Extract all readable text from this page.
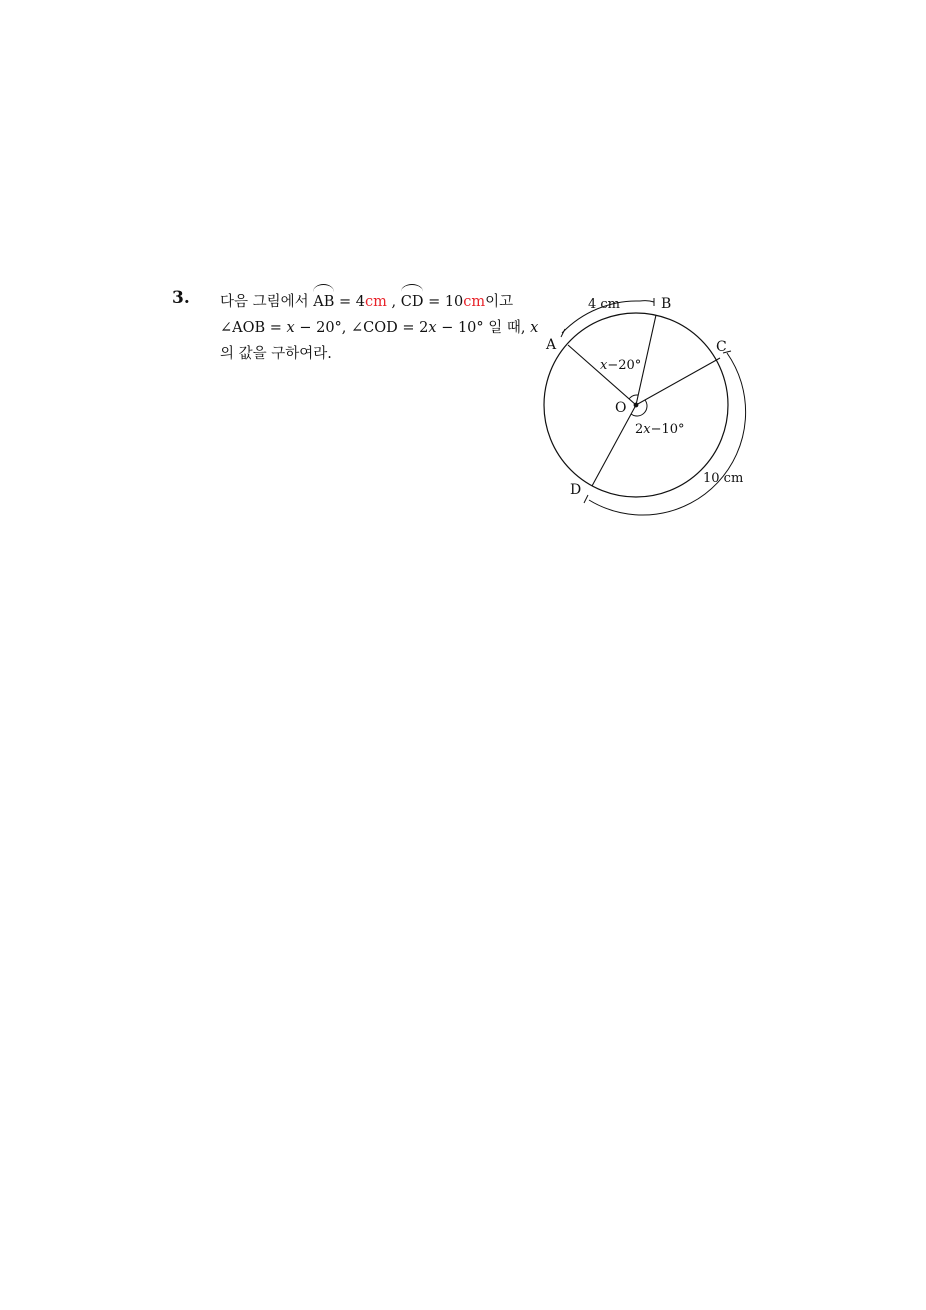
3. 다음 그림에서 AB = 4cm , CD = 10cm이고
∠AOB = x − 20°, ∠COD = 2x − 10° 일 때, x
의 값을 구하여라.
A
B
C
D
O
4 cm
10 cm
x−20°
2x−10°
